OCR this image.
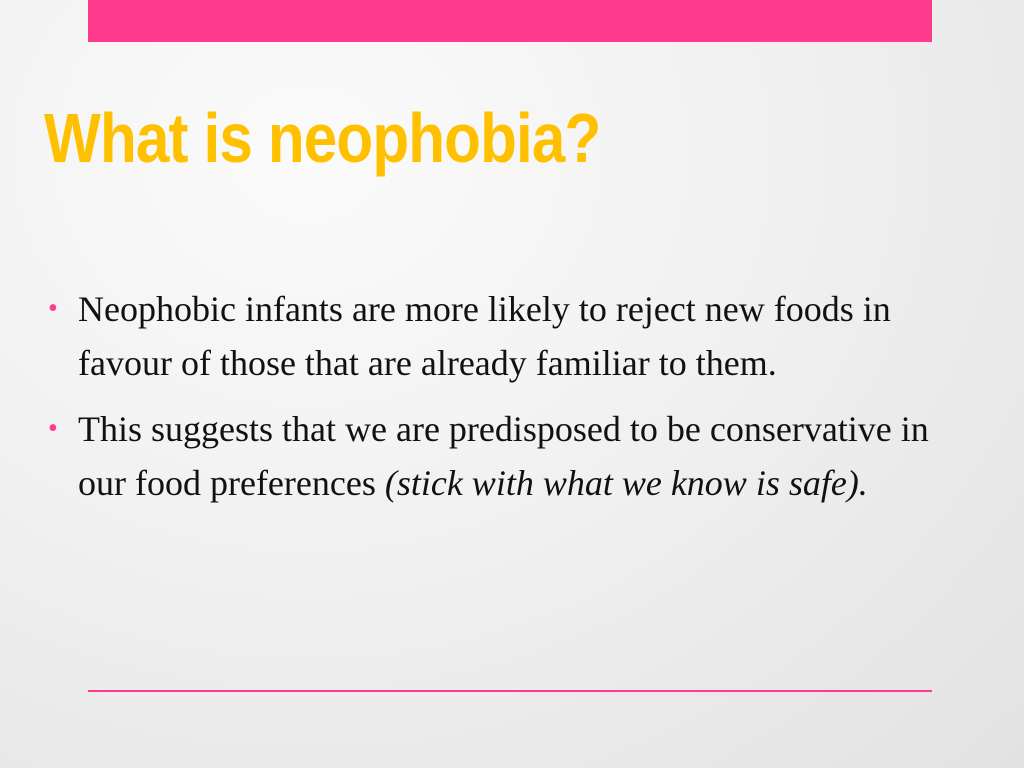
What is neophobia?
• Neophobic infants are more likely to reject new foods in favour of those that are already familiar to them.
• This suggests that we are predisposed to be conservative in our food preferences (stick with what we know is safe).
